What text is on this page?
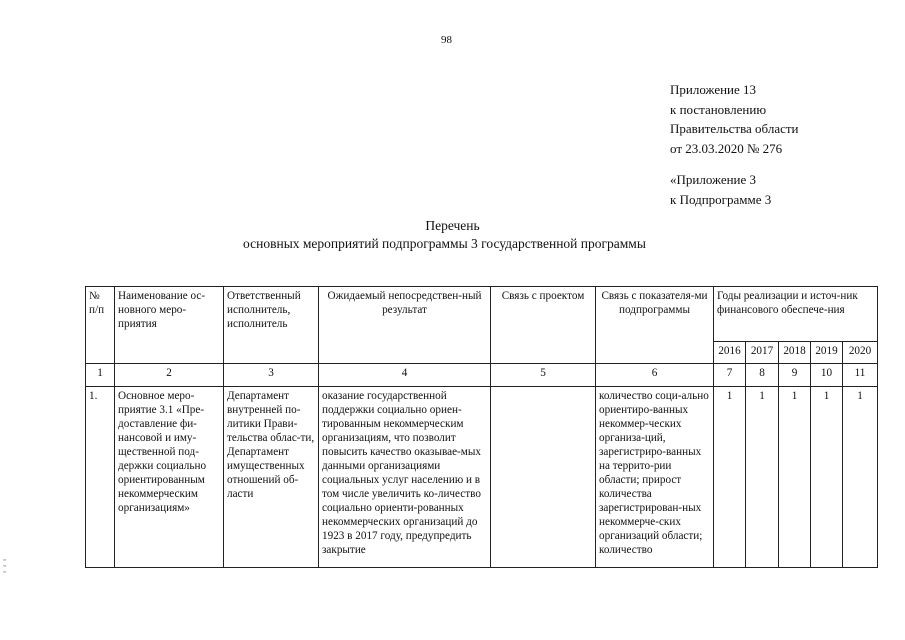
98
Приложение 13
к постановлению
Правительства области
от 23.03.2020 № 276
«Приложение 3
к Подпрограмме 3
Перечень
основных мероприятий подпрограммы 3 государственной программы
№ п/п	Наименование ос-новного меро-приятия	Ответственный исполнитель, исполнитель	Ожидаемый непосредствен-ный результат	Связь с проектом	Связь с показателя-ми подпрограммы	Годы реализации и источ-ник финансового обеспече-ния				
						2016	2017	2018	2019	2020
1	2	3	4	5	6	7	8	9	10	11
1.	Основное меро-приятие 3.1 «Пре-доставление фи-нансовой и иму-щественной под-держки социально ориентированным некоммерческим организациям»	Департамент внутренней по-литики Прави-тельства облас-ти, Департамент имущественных отношений об-ласти	оказание государственной поддержки социально ориен-тированным некоммерческим организациям, что позволит повысить качество оказывае-мых данными организациями социальных услуг населению и в том числе увеличить ко-личество социально ориенти-рованных некоммерческих организаций до 1923 в 2017 году, предупредить закрытие		количество соци-ально ориентиро-ванных некоммер-ческих организа-ций, зарегистриро-ванных на террито-рии области; прирост количества зарегистрирован-ных некоммерче-ских организаций области; количество	1	1	1	1	1
=
=
=
